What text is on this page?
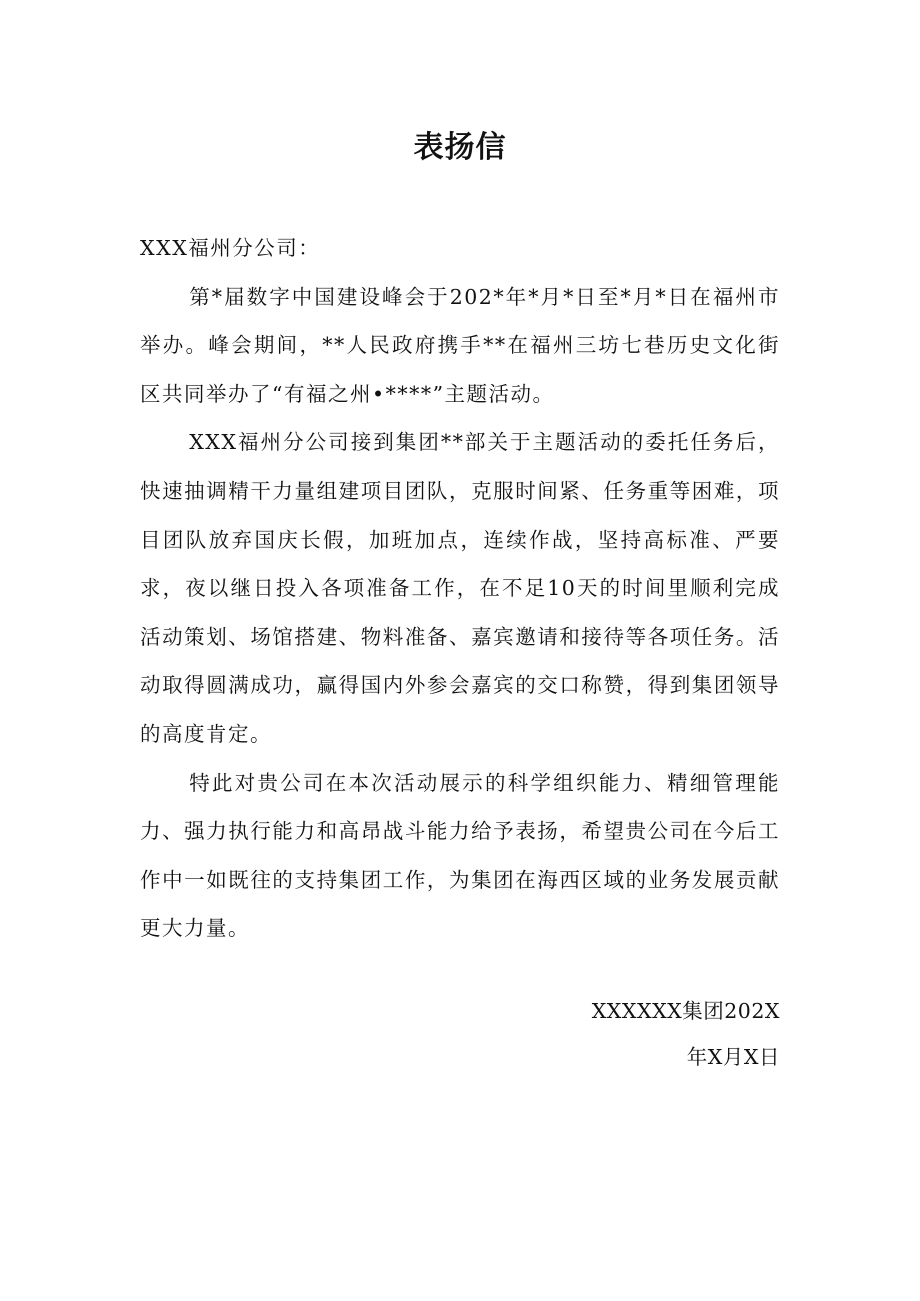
表扬信

XXX福州分公司：

第*届数字中国建设峰会于202*年*月*日至*月*日在福州市举办。峰会期间，**人民政府携手**在福州三坊七巷历史文化街区共同举办了“有福之州•****”主题活动。

XXX福州分公司接到集团**部关于主题活动的委托任务后，快速抽调精干力量组建项目团队，克服时间紧、任务重等困难，项目团队放弃国庆长假，加班加点，连续作战，坚持高标准、严要求，夜以继日投入各项准备工作，在不足10天的时间里顺利完成活动策划、场馆搭建、物料准备、嘉宾邀请和接待等各项任务。活动取得圆满成功，赢得国内外参会嘉宾的交口称赞，得到集团领导的高度肯定。

特此对贵公司在本次活动展示的科学组织能力、精细管理能力、强力执行能力和高昂战斗能力给予表扬，希望贵公司在今后工作中一如既往的支持集团工作，为集团在海西区域的业务发展贡献更大力量。

XXXXXX集团202X
年X月X日
